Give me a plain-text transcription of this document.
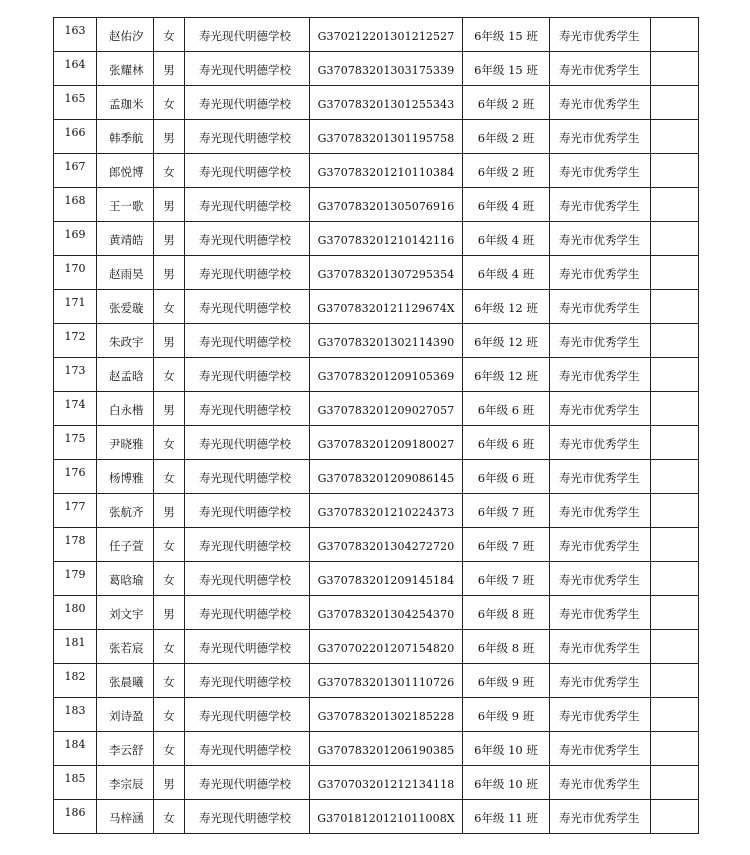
163	赵佑汐	女	寿光现代明德学校	G370212201301212527	6年级 15 班	寿光市优秀学生	
164	张耀林	男	寿光现代明德学校	G370783201303175339	6年级 15 班	寿光市优秀学生	
165	孟珈米	女	寿光现代明德学校	G370783201301255343	6年级 2 班	寿光市优秀学生	
166	韩季航	男	寿光现代明德学校	G370783201301195758	6年级 2 班	寿光市优秀学生	
167	郎悦博	女	寿光现代明德学校	G370783201210110384	6年级 2 班	寿光市优秀学生	
168	王一歌	男	寿光现代明德学校	G370783201305076916	6年级 4 班	寿光市优秀学生	
169	黄靖皓	男	寿光现代明德学校	G370783201210142116	6年级 4 班	寿光市优秀学生	
170	赵雨昊	男	寿光现代明德学校	G370783201307295354	6年级 4 班	寿光市优秀学生	
171	张爱璇	女	寿光现代明德学校	G37078320121129674X	6年级 12 班	寿光市优秀学生	
172	朱政宇	男	寿光现代明德学校	G370783201302114390	6年级 12 班	寿光市优秀学生	
173	赵孟晗	女	寿光现代明德学校	G370783201209105369	6年级 12 班	寿光市优秀学生	
174	白永楷	男	寿光现代明德学校	G370783201209027057	6年级 6 班	寿光市优秀学生	
175	尹晓雅	女	寿光现代明德学校	G370783201209180027	6年级 6 班	寿光市优秀学生	
176	杨博雅	女	寿光现代明德学校	G370783201209086145	6年级 6 班	寿光市优秀学生	
177	张航齐	男	寿光现代明德学校	G370783201210224373	6年级 7 班	寿光市优秀学生	
178	任子萱	女	寿光现代明德学校	G370783201304272720	6年级 7 班	寿光市优秀学生	
179	葛晗瑜	女	寿光现代明德学校	G370783201209145184	6年级 7 班	寿光市优秀学生	
180	刘文宇	男	寿光现代明德学校	G370783201304254370	6年级 8 班	寿光市优秀学生	
181	张若宸	女	寿光现代明德学校	G370702201207154820	6年级 8 班	寿光市优秀学生	
182	张晨曦	女	寿光现代明德学校	G370783201301110726	6年级 9 班	寿光市优秀学生	
183	刘诗盈	女	寿光现代明德学校	G370783201302185228	6年级 9 班	寿光市优秀学生	
184	李云舒	女	寿光现代明德学校	G370783201206190385	6年级 10 班	寿光市优秀学生	
185	李宗辰	男	寿光现代明德学校	G370703201212134118	6年级 10 班	寿光市优秀学生	
186	马梓涵	女	寿光现代明德学校	G37018120121011008X	6年级 11 班	寿光市优秀学生	
